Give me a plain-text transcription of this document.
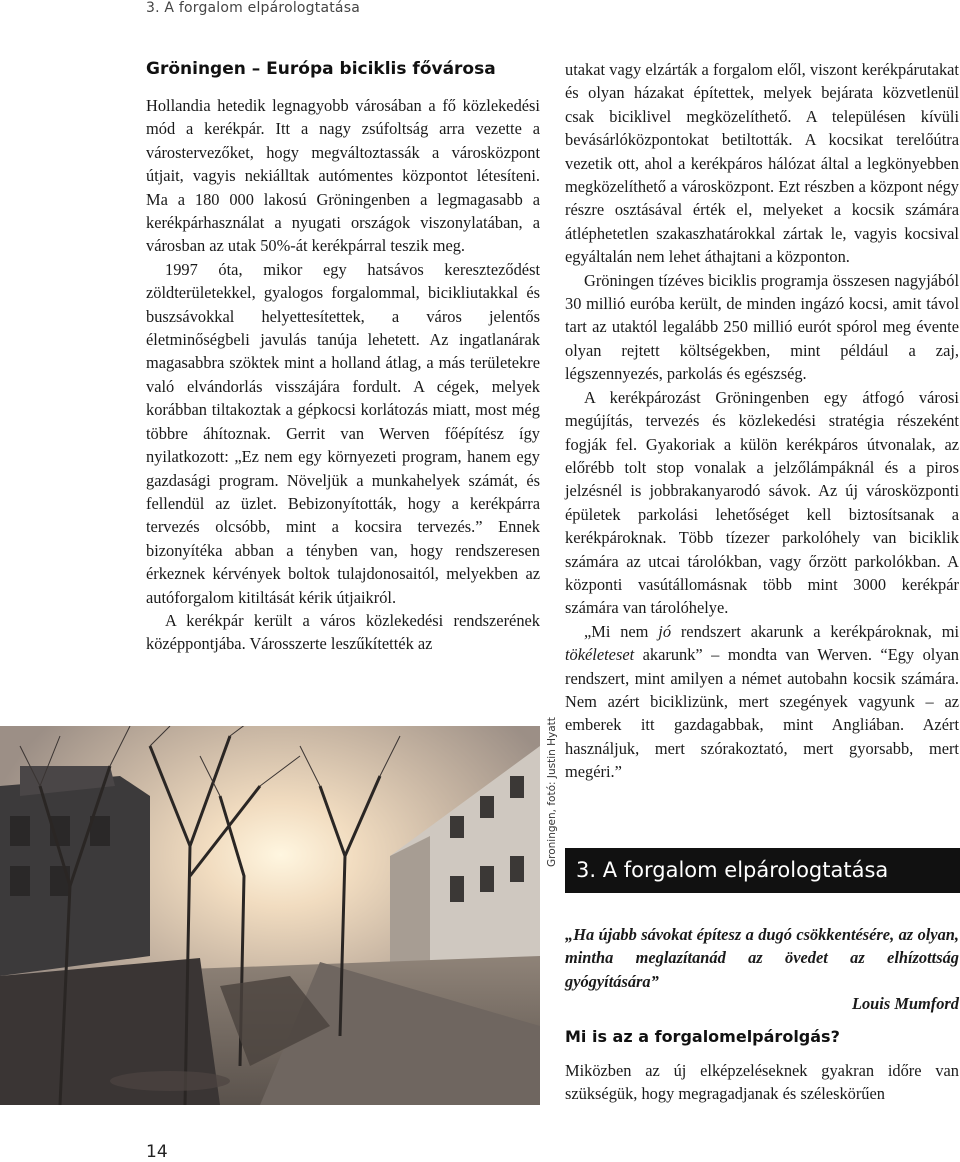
3. A forgalom elpárologtatása
Gröningen – Európa biciklis fővárosa

Hollandia hetedik legnagyobb városában a fő közlekedési mód a kerékpár. Itt a nagy zsúfoltság arra vezette a várostervezőket, hogy megváltoztassák a városközpont útjait, vagyis nekiálltak autómentes központot létesíteni. Ma a 180 000 lakosú Gröningenben a legmagasabb a kerékpárhasználat a nyugati országok viszonylatában, a városban az utak 50%-át kerékpárral teszik meg.

1997 óta, mikor egy hatsávos kereszteződést zöldterületekkel, gyalogos forgalommal, bicikliutakkal és buszsávokkal helyettesítettek, a város jelentős életminőségbeli javulás tanúja lehetett. Az ingatlanárak magasabbra szöktek mint a holland átlag, a más területekre való elvándorlás visszájára fordult. A cégek, melyek korábban tiltakoztak a gépkocsi korlátozás miatt, most még többre áhítoznak. Gerrit van Werven főépítész így nyilatkozott: „Ez nem egy környezeti program, hanem egy gazdasági program. Növeljük a munkahelyek számát, és fellendül az üzlet. Bebizonyították, hogy a kerékpárra tervezés olcsóbb, mint a kocsira tervezés.” Ennek bizonyítéka abban a tényben van, hogy rendszeresen érkeznek kérvények boltok tulajdonosaitól, melyekben az autóforgalom kitiltását kérik útjaikról.

A kerékpár került a város közlekedési rendszerének középpontjába. Városszerte leszűkítették az

Groningen, fotó: Justin Hyatt

utakat vagy elzárták a forgalom elől, viszont kerékpárutakat és olyan házakat építettek, melyek bejárata közvetlenül csak biciklivel megközelíthető. A településen kívüli bevásárlóközpontokat betiltották. A kocsikat terelőútra vezetik ott, ahol a kerékpáros hálózat által a legkönyebben megközelíthető a városközpont. Ezt részben a központ négy részre osztásával érték el, melyeket a kocsik számára átléphetetlen szakaszhatárokkal zártak le, vagyis kocsival egyáltalán nem lehet áthajtani a központon.

Gröningen tízéves biciklis programja összesen nagyjából 30 millió euróba került, de minden ingázó kocsi, amit távol tart az utaktól legalább 250 millió eurót spórol meg évente olyan rejtett költségekben, mint például a zaj, légszennyezés, parkolás és egészség.

A kerékpározást Gröningenben egy átfogó városi megújítás, tervezés és közlekedési stratégia részeként fogják fel. Gyakoriak a külön kerékpáros útvonalak, az előrébb tolt stop vonalak a jelzőlámpáknál és a piros jelzésnél is jobbrakanyarodó sávok. Az új városközponti épületek parkolási lehetőséget kell biztosítsanak a kerékpároknak. Több tízezer parkolóhely van biciklik számára az utcai tárolókban, vagy őrzött parkolókban. A központi vasútállomásnak több mint 3000 kerékpár számára van tárolóhelye.

„Mi nem jó rendszert akarunk a kerékpároknak, mi tökéleteset akarunk” – mondta van Werven. “Egy olyan rendszert, mint amilyen a német autobahn kocsik számára. Nem azért biciklizünk, mert szegények vagyunk – az emberek itt gazdagabbak, mint Angliában. Azért használjuk, mert szórakoztató, mert gyorsabb, mert megéri.”

3. A forgalom elpárologtatása
„Ha újabb sávokat építesz a dugó csökkentésére, az olyan, mintha meglazítanád az övedet az elhízottság gyógyítására”
Louis Mumford
Mi is az a forgalomelpárolgás?

Miközben az új elképzeléseknek gyakran időre van szükségük, hogy megragadjanak és széleskörűen

14
